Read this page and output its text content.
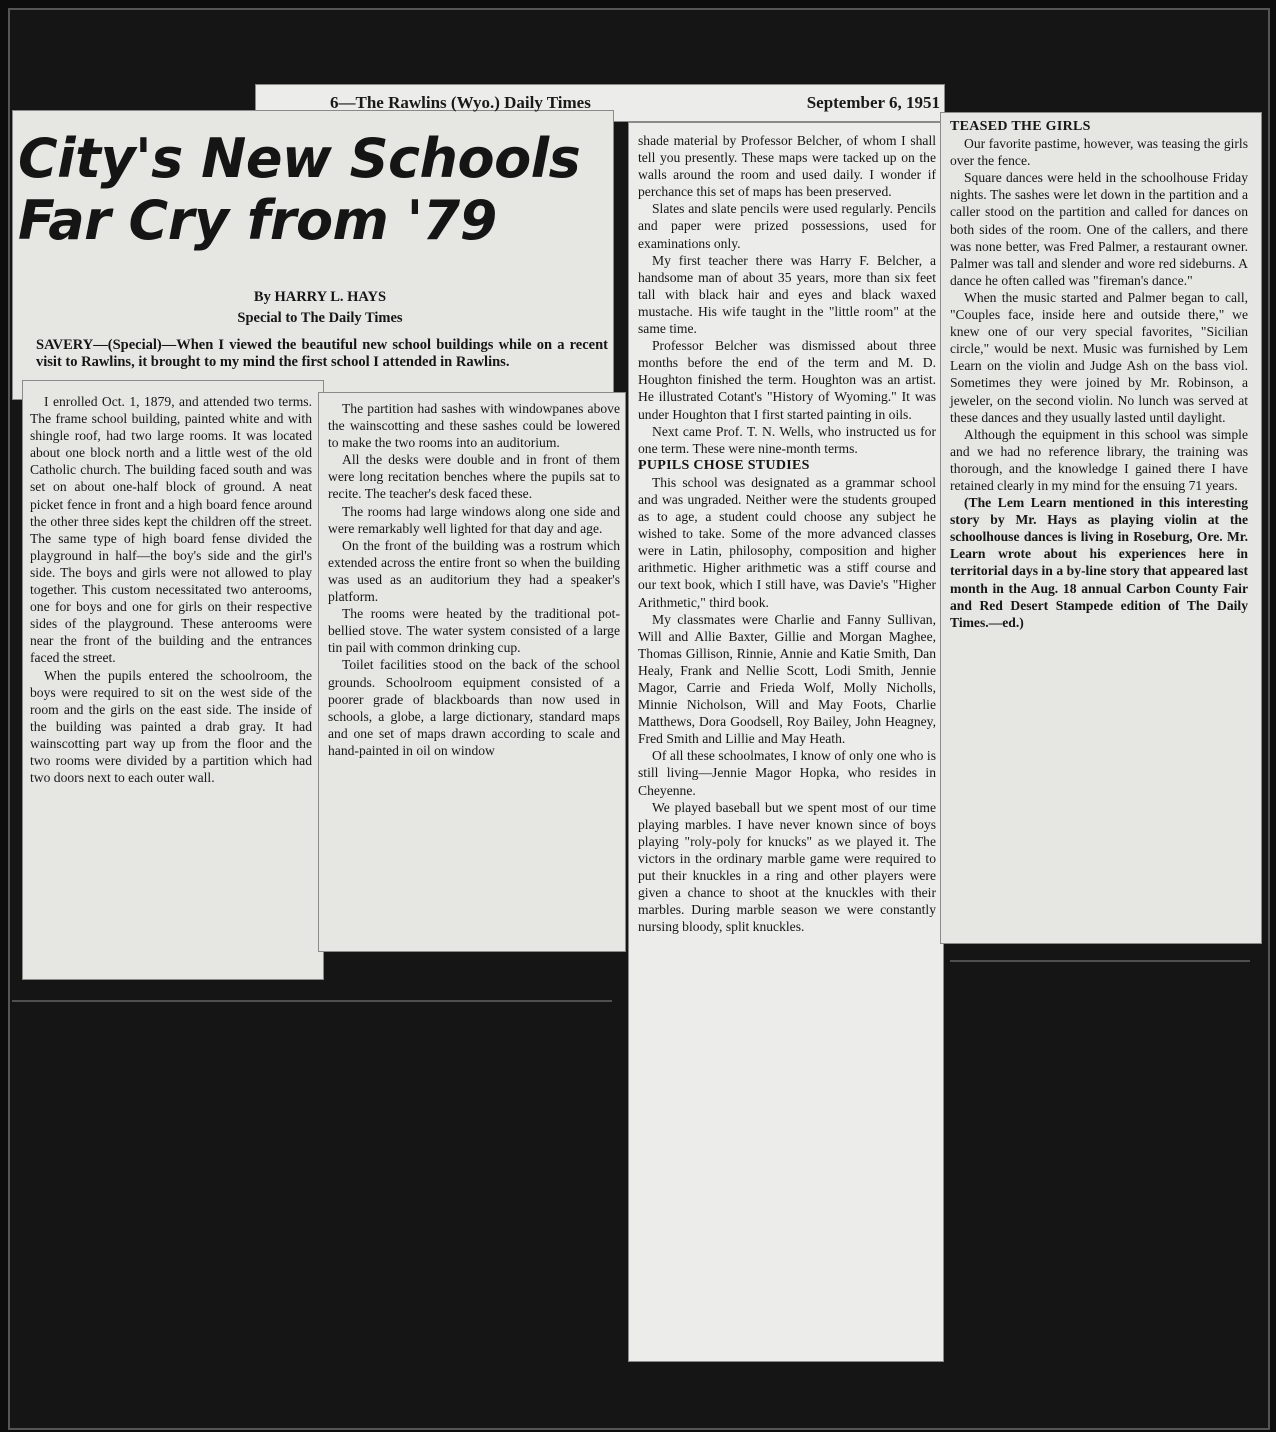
6—The Rawlins (Wyo.) Daily Times	September 6, 1951
City's New Schools
Far Cry from '79
By HARRY L. HAYS
Special to The Daily Times
SAVERY—(Special)—When I viewed the beautiful new school buildings while on a recent visit to Rawlins, it brought to my mind the first school I attended in Rawlins.

I enrolled Oct. 1, 1879, and attended two terms. The frame school building, painted white and with shingle roof, had two large rooms. It was located about one block north and a little west of the old Catholic church. The building faced south and was set on about one-half block of ground. A neat picket fence in front and a high board fence around the other three sides kept the children off the street. The same type of high board fense divided the playground in half—the boy's side and the girl's side. The boys and girls were not allowed to play together. This custom necessitated two anterooms, one for boys and one for girls on their respective sides of the playground. These anterooms were near the front of the building and the entrances faced the street.

When the pupils entered the schoolroom, the boys were required to sit on the west side of the room and the girls on the east side. The inside of the building was painted a drab gray. It had wainscotting part way up from the floor and the two rooms were divided by a partition which had two doors next to each outer wall.

The partition had sashes with windowpanes above the wainscotting and these sashes could be lowered to make the two rooms into an auditorium.

All the desks were double and in front of them were long recitation benches where the pupils sat to recite. The teacher's desk faced these.

The rooms had large windows along one side and were remarkably well lighted for that day and age.

On the front of the building was a rostrum which extended across the entire front so when the building was used as an auditorium they had a speaker's platform.

The rooms were heated by the traditional pot-bellied stove. The water system consisted of a large tin pail with common drinking cup.

Toilet facilities stood on the back of the school grounds. Schoolroom equipment consisted of a poorer grade of blackboards than now used in schools, a globe, a large dictionary, standard maps and one set of maps drawn according to scale and hand-painted in oil on window

shade material by Professor Belcher, of whom I shall tell you presently. These maps were tacked up on the walls around the room and used daily. I wonder if perchance this set of maps has been preserved.

Slates and slate pencils were used regularly. Pencils and paper were prized possessions, used for examinations only.

My first teacher there was Harry F. Belcher, a handsome man of about 35 years, more than six feet tall with black hair and eyes and black waxed mustache. His wife taught in the "little room" at the same time.

Professor Belcher was dismissed about three months before the end of the term and M. D. Houghton finished the term. Houghton was an artist. He illustrated Cotant's "History of Wyoming." It was under Houghton that I first started painting in oils.

Next came Prof. T. N. Wells, who instructed us for one term. These were nine-month terms.

PUPILS CHOSE STUDIES

This school was designated as a grammar school and was ungraded. Neither were the students grouped as to age, a student could choose any subject he wished to take. Some of the more advanced classes were in Latin, philosophy, composition and higher arithmetic. Higher arithmetic was a stiff course and our text book, which I still have, was Davie's "Higher Arithmetic," third book.

My classmates were Charlie and Fanny Sullivan, Will and Allie Baxter, Gillie and Morgan Maghee, Thomas Gillison, Rinnie, Annie and Katie Smith, Dan Healy, Frank and Nellie Scott, Lodi Smith, Jennie Magor, Carrie and Frieda Wolf, Molly Nicholls, Minnie Nicholson, Will and May Foots, Charlie Matthews, Dora Goodsell, Roy Bailey, John Heagney, Fred Smith and Lillie and May Heath.

Of all these schoolmates, I know of only one who is still living—Jennie Magor Hopka, who resides in Cheyenne.

We played baseball but we spent most of our time playing marbles. I have never known since of boys playing "roly-poly for knucks" as we played it. The victors in the ordinary marble game were required to put their knuckles in a ring and other players were given a chance to shoot at the knuckles with their marbles. During marble season we were constantly nursing bloody, split knuckles.

TEASED THE GIRLS

Our favorite pastime, however, was teasing the girls over the fence.

Square dances were held in the schoolhouse Friday nights. The sashes were let down in the partition and a caller stood on the partition and called for dances on both sides of the room. One of the callers, and there was none better, was Fred Palmer, a restaurant owner. Palmer was tall and slender and wore red sideburns. A dance he often called was "fireman's dance."

When the music started and Palmer began to call, "Couples face, inside here and outside there," we knew one of our very special favorites, "Sicilian circle," would be next. Music was furnished by Lem Learn on the violin and Judge Ash on the bass viol. Sometimes they were joined by Mr. Robinson, a jeweler, on the second violin. No lunch was served at these dances and they usually lasted until daylight.

Although the equipment in this school was simple and we had no reference library, the training was thorough, and the knowledge I gained there I have retained clearly in my mind for the ensuing 71 years.

(The Lem Learn mentioned in this interesting story by Mr. Hays as playing violin at the schoolhouse dances is living in Roseburg, Ore. Mr. Learn wrote about his experiences here in territorial days in a by-line story that appeared last month in the Aug. 18 annual Carbon County Fair and Red Desert Stampede edition of The Daily Times.—ed.)
